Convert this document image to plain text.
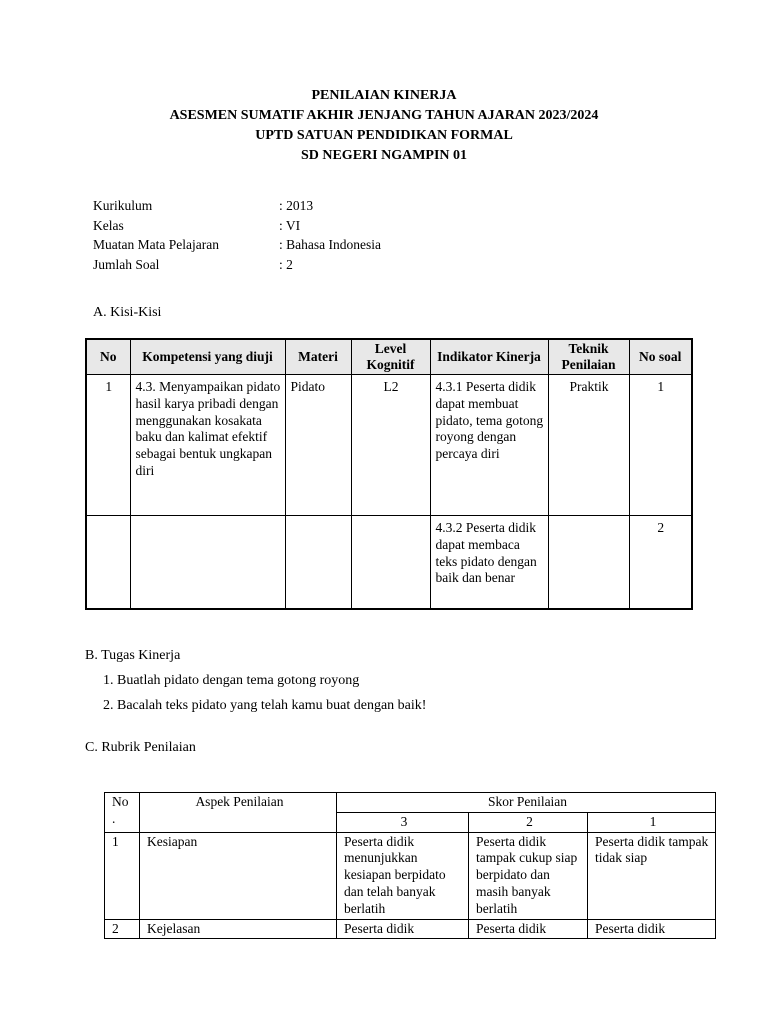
PENILAIAN KINERJA
ASESMEN SUMATIF AKHIR JENJANG TAHUN AJARAN 2023/2024
UPTD SATUAN PENDIDIKAN FORMAL
SD NEGERI NGAMPIN 01
Kurikulum	: 2013
Kelas	: VI
Muatan Mata Pelajaran	: Bahasa Indonesia
Jumlah Soal	: 2
A. Kisi-Kisi
No	Kompetensi yang diuji	Materi	Level Kognitif	Indikator Kinerja	Teknik Penilaian	No soal
1	4.3. Menyampaikan pidato hasil karya pribadi dengan menggunakan kosakata baku dan kalimat efektif sebagai bentuk ungkapan diri	Pidato	L2	4.3.1 Peserta didik dapat membuat pidato, tema gotong royong dengan percaya diri	Praktik	1
				4.3.2 Peserta didik dapat membaca teks pidato dengan baik dan benar		2
B. Tugas Kinerja
1. Buatlah pidato dengan tema gotong royong
2. Bacalah teks pidato yang telah kamu buat dengan baik!
C. Rubrik Penilaian
No .	Aspek Penilaian	Skor Penilaian		
		3	2	1
1	Kesiapan	Peserta didik menunjukkan kesiapan berpidato dan telah banyak berlatih	Peserta didik tampak cukup siap berpidato dan masih banyak berlatih	Peserta didik tampak tidak siap
2	Kejelasan	Peserta didik	Peserta didik	Peserta didik
